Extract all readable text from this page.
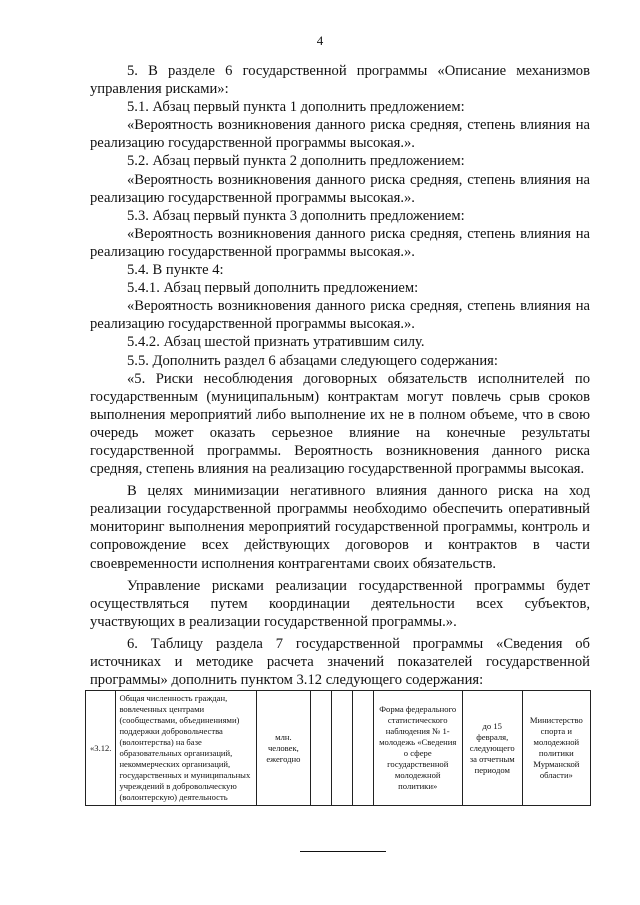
4

5. В разделе 6 государственной программы «Описание механизмов управления рисками»:

5.1. Абзац первый пункта 1 дополнить предложением:

«Вероятность возникновения данного риска средняя, степень влияния на реализацию государственной программы высокая.».

5.2. Абзац первый пункта 2 дополнить предложением:

«Вероятность возникновения данного риска средняя, степень влияния на реализацию государственной программы высокая.».

5.3. Абзац первый пункта 3 дополнить предложением:

«Вероятность возникновения данного риска средняя, степень влияния на реализацию государственной программы высокая.».

5.4. В пункте 4:

5.4.1. Абзац первый дополнить предложением:

«Вероятность возникновения данного риска средняя, степень влияния на реализацию государственной программы высокая.».

5.4.2. Абзац шестой признать утратившим силу.

5.5. Дополнить раздел 6 абзацами следующего содержания:

«5. Риски несоблюдения договорных обязательств исполнителей по государственным (муниципальным) контрактам могут повлечь срыв сроков выполнения мероприятий либо выполнение их не в полном объеме, что в свою очередь может оказать серьезное влияние на конечные результаты государственной программы. Вероятность возникновения данного риска средняя, степень влияния на реализацию государственной программы высокая.

В целях минимизации негативного влияния данного риска на ход реализации государственной программы необходимо обеспечить оперативный мониторинг выполнения мероприятий государственной программы, контроль и сопровождение всех действующих договоров и контрактов в части своевременности исполнения контрагентами своих обязательств.

Управление рисками реализации государственной программы будет осуществляться путем координации деятельности всех субъектов, участвующих в реализации государственной программы.».

6. Таблицу раздела 7 государственной программы «Сведения об источниках и методике расчета значений показателей государственной программы» дополнить пунктом 3.12 следующего содержания:

«3.12.	Общая численность граждан, вовлеченных центрами (сообществами, объединениями) поддержки добровольчества (волонтерства) на базе образовательных организаций, некоммерческих организаций, государственных и муниципальных учреждений в добровольческую (волонтерскую) деятельность	млн. человек, ежегодно				Форма федерального статистического наблюдения № 1-молодежь «Сведения о сфере государственной молодежной политики»	до 15 февраля, следующего за отчетным периодом	Министерство спорта и молодежной политики Мурманской области»
